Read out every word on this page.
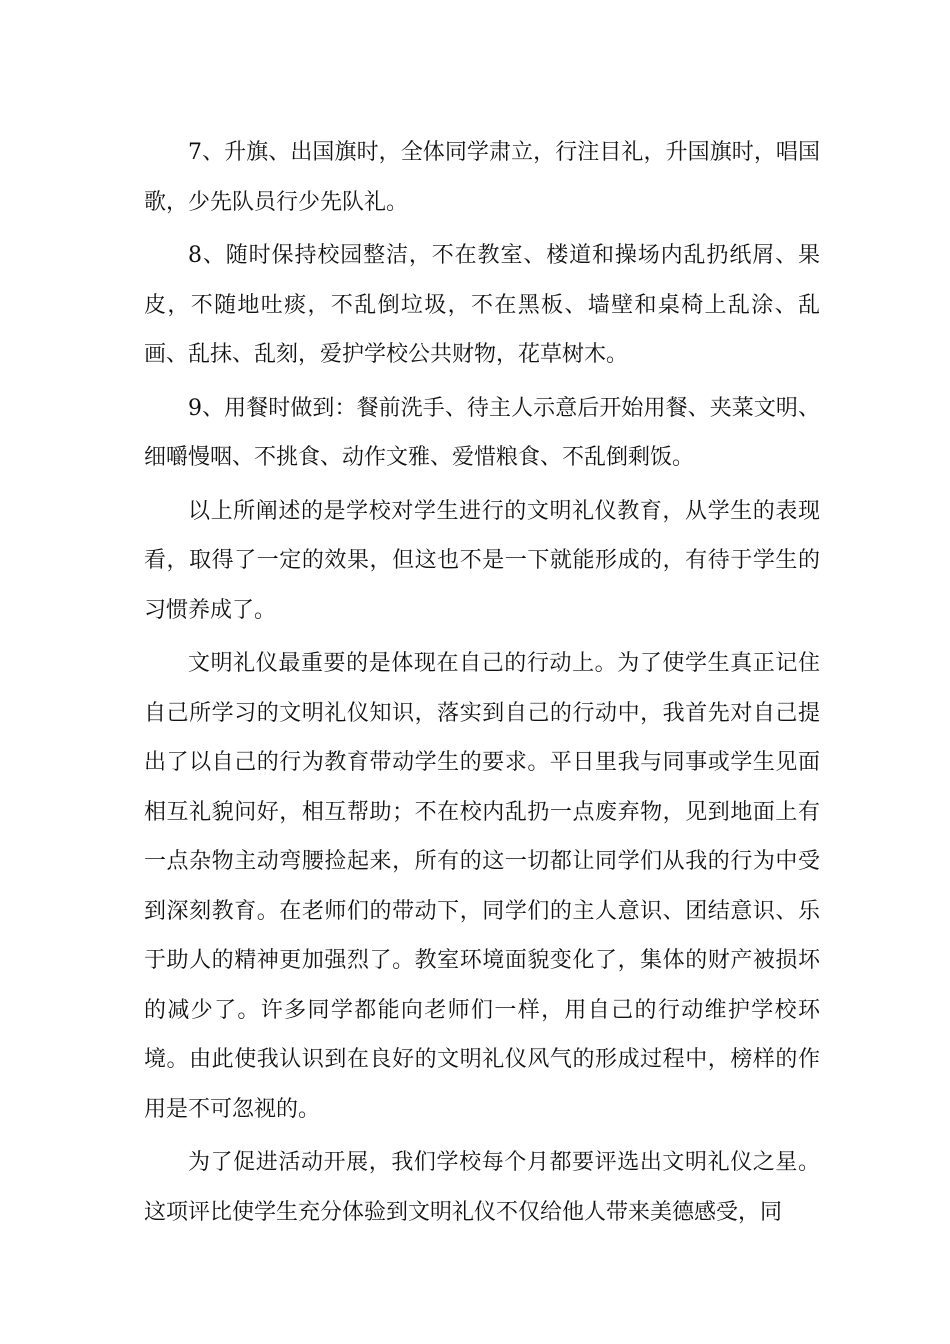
7、升旗、出国旗时，全体同学肃立，行注目礼，升国旗时，唱国歌，少先队员行少先队礼。

8、随时保持校园整洁，不在教室、楼道和操场内乱扔纸屑、果皮，不随地吐痰，不乱倒垃圾，不在黑板、墙壁和桌椅上乱涂、乱画、乱抹、乱刻，爱护学校公共财物，花草树木。

9、用餐时做到：餐前洗手、待主人示意后开始用餐、夹菜文明、细嚼慢咽、不挑食、动作文雅、爱惜粮食、不乱倒剩饭。

以上所阐述的是学校对学生进行的文明礼仪教育，从学生的表现看，取得了一定的效果，但这也不是一下就能形成的，有待于学生的习惯养成了。

文明礼仪最重要的是体现在自己的行动上。为了使学生真正记住自己所学习的文明礼仪知识，落实到自己的行动中，我首先对自己提出了以自己的行为教育带动学生的要求。平日里我与同事或学生见面相互礼貌问好，相互帮助；不在校内乱扔一点废弃物，见到地面上有一点杂物主动弯腰捡起来，所有的这一切都让同学们从我的行为中受到深刻教育。在老师们的带动下，同学们的主人意识、团结意识、乐于助人的精神更加强烈了。教室环境面貌变化了，集体的财产被损坏的减少了。许多同学都能向老师们一样，用自己的行动维护学校环境。由此使我认识到在良好的文明礼仪风气的形成过程中，榜样的作用是不可忽视的。

为了促进活动开展，我们学校每个月都要评选出文明礼仪之星。这项评比使学生充分体验到文明礼仪不仅给他人带来美德感受，同
